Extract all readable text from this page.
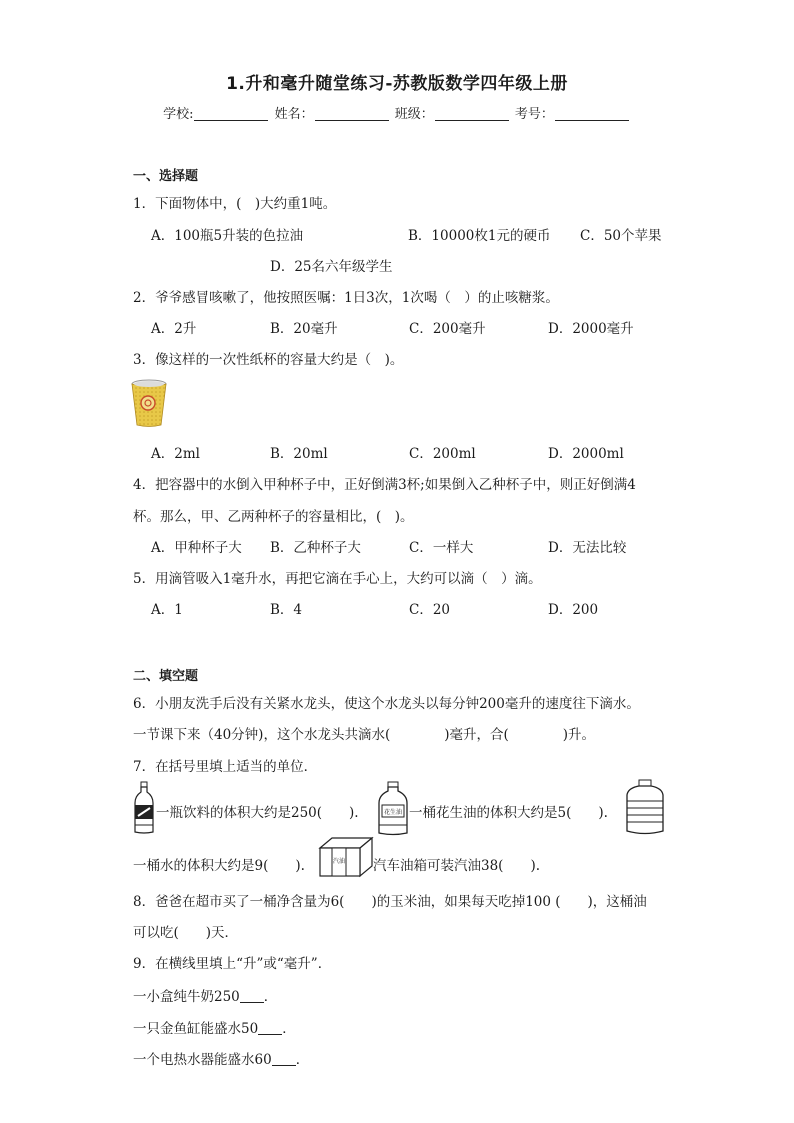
1.升和毫升随堂练习-苏教版数学四年级上册
学校:	姓名：	班级：	考号：
一、选择题
1．下面物体中，(　)大约重1吨。
A．100瓶5升装的色拉油	B．10000枚1元的硬币 C．50个苹果
D．25名六年级学生
2．爷爷感冒咳嗽了，他按照医嘱：1日3次，1次喝（　）的止咳糖浆。
A．2升	B．20毫升	C．200毫升	D．2000毫升
3．像这样的一次性纸杯的容量大约是（　)。
A．2ml	B．20ml	C．200ml	D．2000ml
4．把容器中的水倒入甲种杯子中，正好倒满3杯;如果倒入乙种杯子中，则正好倒满4
杯。那么，甲、乙两种杯子的容量相比，(　)。
A．甲种杯子大 B．乙种杯子大	C．一样大	D．无法比较
5．用滴管吸入1毫升水，再把它滴在手心上，大约可以滴（　）滴。
A．1	B．4	C．20	D．200
二、填空题
6．小朋友洗手后没有关紧水龙头，使这个水龙头以每分钟200毫升的速度往下滴水。
一节课下来（40分钟)，这个水龙头共滴水(　　　　)毫升，合(　　　　)升。
7．在括号里填上适当的单位．
一瓶饮料的体积大约是250(　　).	花生油 一桶花生油的体积大约是5(　　).
一桶水的体积大约是9(　　).	汽油 汽车油箱可装汽油38(　　).
8．爸爸在超市买了一桶净含量为6(　　)的玉米油，如果每天吃掉100 (　　)，这桶油
可以吃(　　)天．
9．在横线里填上“升”或“毫升”．
一小盒纯牛奶250 ．
一只金鱼缸能盛水50 ．
一个电热水器能盛水60 ．
